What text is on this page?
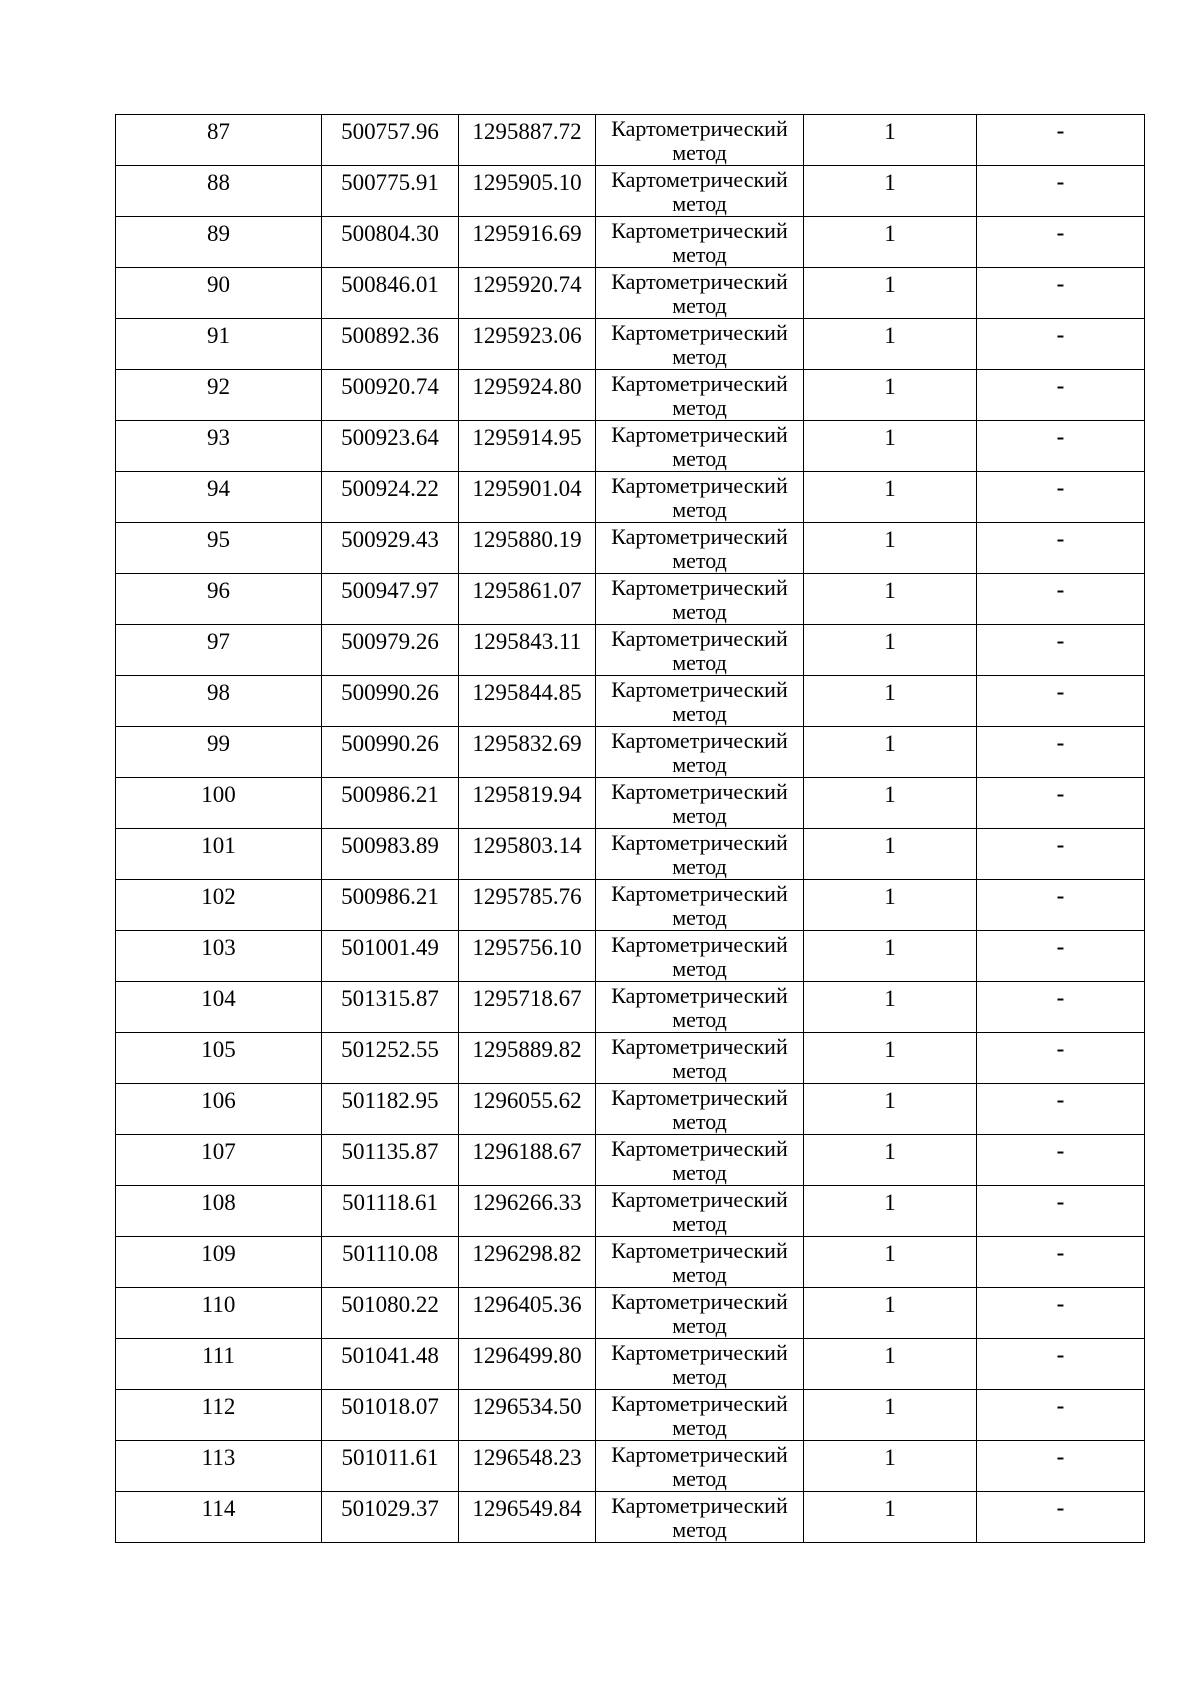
87	500757.96	1295887.72	Картометрический метод	1	-

88	500775.91	1295905.10	Картометрический метод	1	-

89	500804.30	1295916.69	Картометрический метод	1	-

90	500846.01	1295920.74	Картометрический метод	1	-

91	500892.36	1295923.06	Картометрический метод	1	-

92	500920.74	1295924.80	Картометрический метод	1	-

93	500923.64	1295914.95	Картометрический метод	1	-

94	500924.22	1295901.04	Картометрический метод	1	-

95	500929.43	1295880.19	Картометрический метод	1	-

96	500947.97	1295861.07	Картометрический метод	1	-

97	500979.26	1295843.11	Картометрический метод	1	-

98	500990.26	1295844.85	Картометрический метод	1	-

99	500990.26	1295832.69	Картометрический метод	1	-

100	500986.21	1295819.94	Картометрический метод	1	-

101	500983.89	1295803.14	Картометрический метод	1	-

102	500986.21	1295785.76	Картометрический метод	1	-

103	501001.49	1295756.10	Картометрический метод	1	-

104	501315.87	1295718.67	Картометрический метод	1	-

105	501252.55	1295889.82	Картометрический метод	1	-

106	501182.95	1296055.62	Картометрический метод	1	-

107	501135.87	1296188.67	Картометрический метод	1	-

108	501118.61	1296266.33	Картометрический метод	1	-

109	501110.08	1296298.82	Картометрический метод	1	-

110	501080.22	1296405.36	Картометрический метод	1	-

111	501041.48	1296499.80	Картометрический метод	1	-

112	501018.07	1296534.50	Картометрический метод	1	-

113	501011.61	1296548.23	Картометрический метод	1	-

114	501029.37	1296549.84	Картометрический метод	1	-
